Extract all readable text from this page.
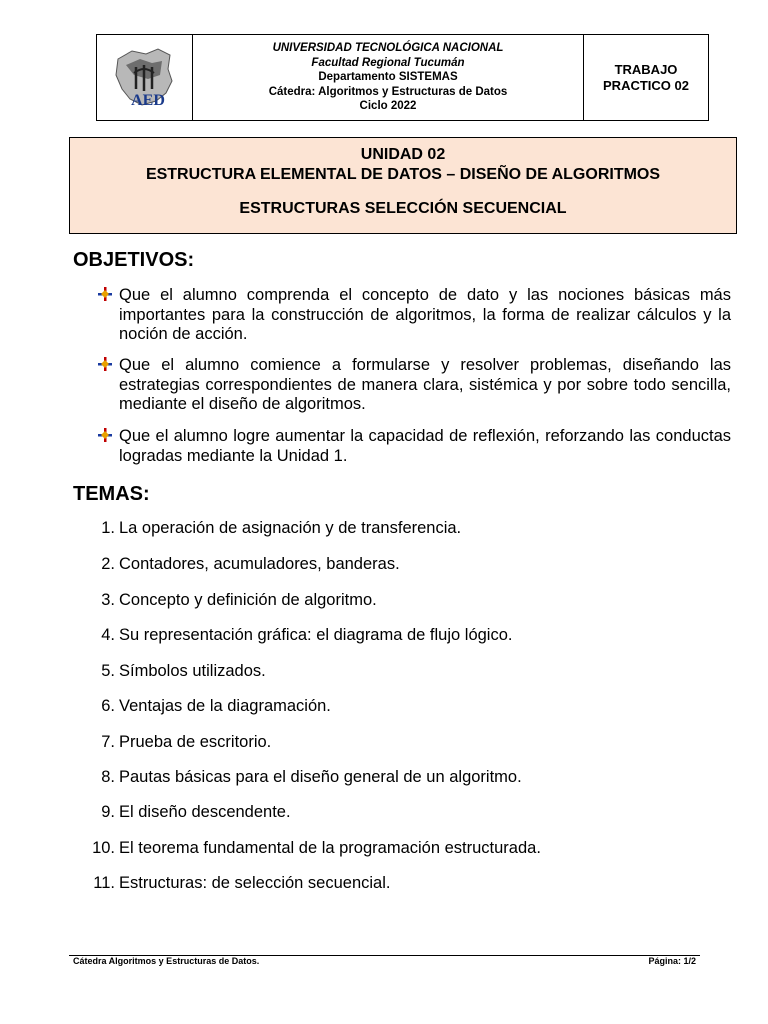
AED
UNIVERSIDAD TECNOLÓGICA NACIONAL
Facultad Regional Tucumán
Departamento SISTEMAS
Cátedra: Algoritmos y Estructuras de Datos
Ciclo 2022
TRABAJO
PRACTICO 02
UNIDAD 02
ESTRUCTURA ELEMENTAL DE DATOS – DISEÑO DE ALGORITMOS
ESTRUCTURAS SELECCIÓN SECUENCIAL
OBJETIVOS:
Que el alumno comprenda el concepto de dato y las nociones básicas más importantes para la construcción de algoritmos, la forma de realizar cálculos y la noción de acción.
Que el alumno comience a formularse y resolver problemas, diseñando las estrategias correspondientes de manera clara, sistémica y por sobre todo sencilla, mediante el diseño de algoritmos.
Que el alumno logre aumentar la capacidad de reflexión, reforzando las conductas logradas mediante la Unidad 1.
TEMAS:
1. La operación de asignación y de transferencia.
2. Contadores, acumuladores, banderas.
3. Concepto y definición de algoritmo.
4. Su representación gráfica: el diagrama de flujo lógico.
5. Símbolos utilizados.
6. Ventajas de la diagramación.
7. Prueba de escritorio.
8. Pautas básicas para el diseño general de un algoritmo.
9. El diseño descendente.
10. El teorema fundamental de la programación estructurada.
11. Estructuras: de selección secuencial.
Cátedra Algoritmos y Estructuras de Datos.	Página: 1/2
